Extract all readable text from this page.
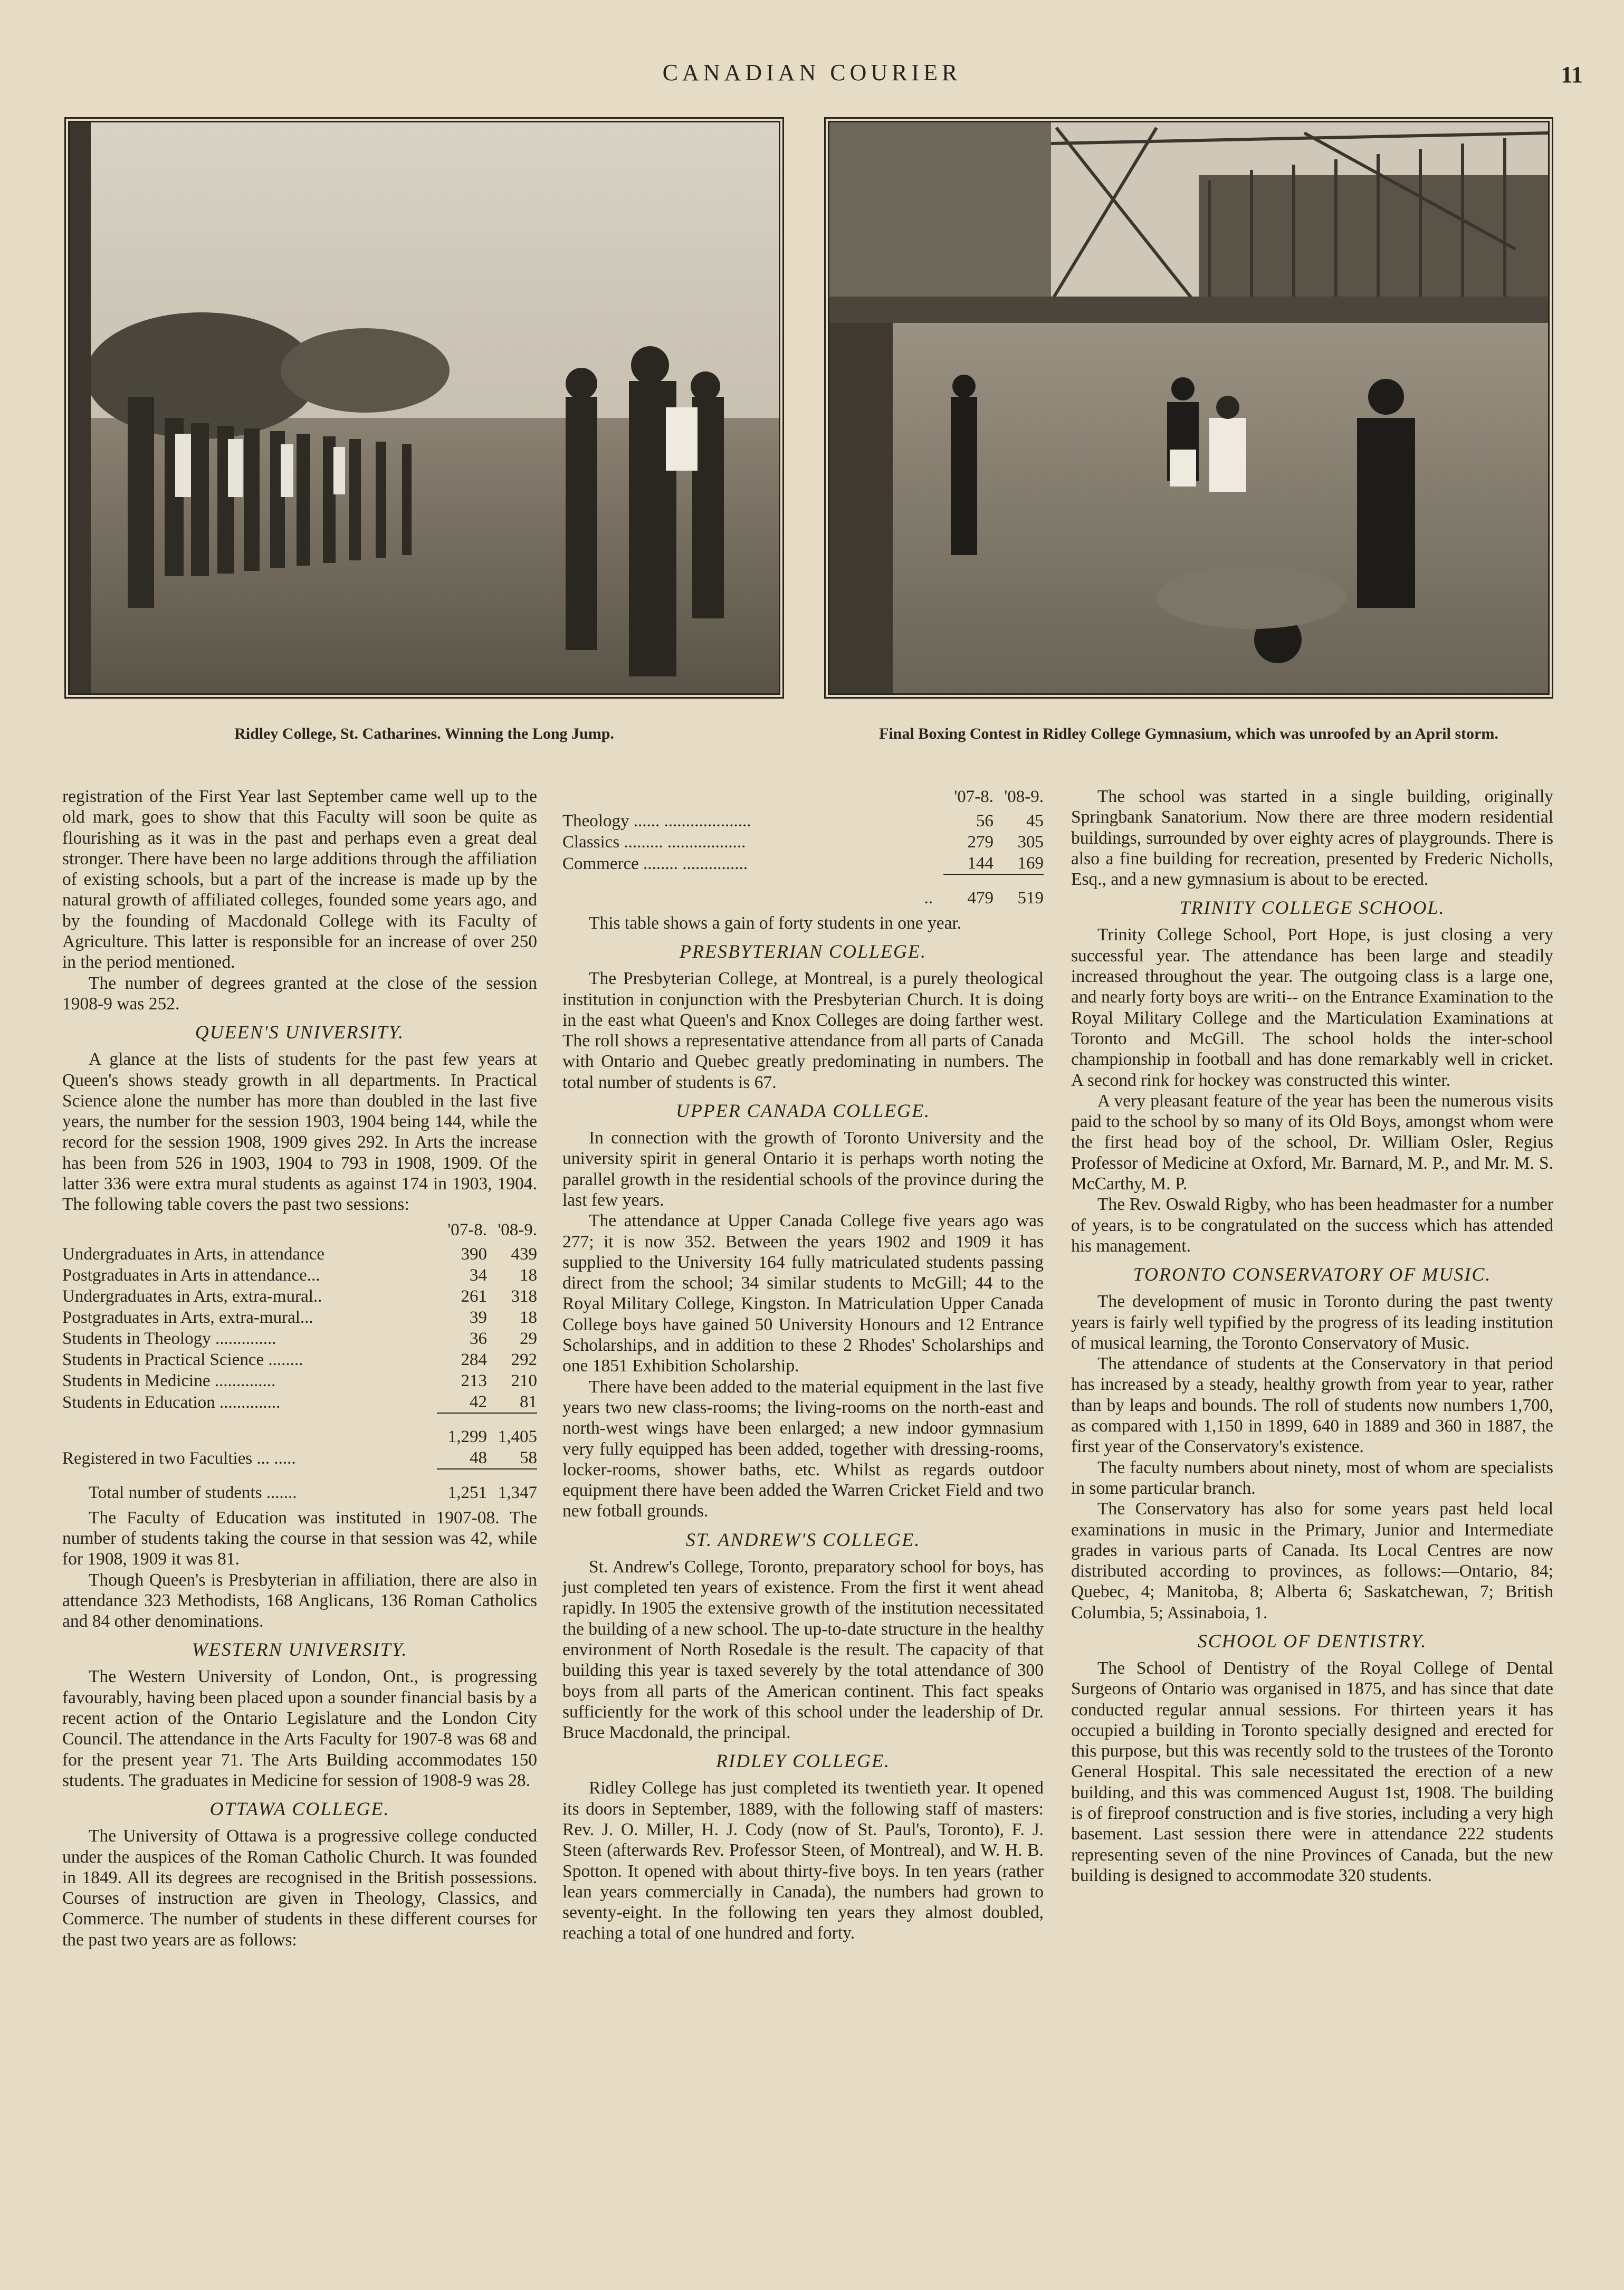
CANADIAN COURIER	11
Ridley College, St. Catharines. Winning the Long Jump.	Final Boxing Contest in Ridley College Gymnasium, which was unroofed by an April storm.

registration of the First Year last September came well up to the old mark, goes to show that this Faculty will soon be quite as flourishing as it was in the past and perhaps even a great deal stronger. There have been no large additions through the affiliation of existing schools, but a part of the increase is made up by the natural growth of affiliated colleges, founded some years ago, and by the founding of Macdonald College with its Faculty of Agriculture. This latter is responsible for an increase of over 250 in the period mentioned.

The number of degrees granted at the close of the session 1908-9 was 252.

QUEEN'S UNIVERSITY.

A glance at the lists of students for the past few years at Queen's shows steady growth in all departments. In Practical Science alone the number has more than doubled in the last five years, the number for the session 1903, 1904 being 144, while the record for the session 1908, 1909 gives 292. In Arts the increase has been from 526 in 1903, 1904 to 793 in 1908, 1909. Of the latter 336 were extra mural students as against 174 in 1903, 1904. The following table covers the past two sessions:

	'07-8.	'08-9.
Undergraduates in Arts, in attendance	390	439
Postgraduates in Arts in attendance...	34	18
Undergraduates in Arts, extra-mural..	261	318
Postgraduates in Arts, extra-mural...	39	18
Students in Theology ..............	36	29
Students in Practical Science ........	284	292
Students in Medicine ..............	213	210
Students in Education ..............	42	81

	1,299	1,405
Registered in two Faculties ... .....	48	58

Total number of students .......	1,251	1,347

The Faculty of Education was instituted in 1907-08. The number of students taking the course in that session was 42, while for 1908, 1909 it was 81.

Though Queen's is Presbyterian in affiliation, there are also in attendance 323 Methodists, 168 Anglicans, 136 Roman Catholics and 84 other denominations.

WESTERN UNIVERSITY.

The Western University of London, Ont., is progressing favourably, having been placed upon a sounder financial basis by a recent action of the Ontario Legislature and the London City Council. The attendance in the Arts Faculty for 1907-8 was 68 and for the present year 71. The Arts Building accommodates 150 students. The graduates in Medicine for session of 1908-9 was 28.

OTTAWA COLLEGE.

The University of Ottawa is a progressive college conducted under the auspices of the Roman Catholic Church. It was founded in 1849. All its degrees are recognised in the British possessions. Courses of instruction are given in Theology, Classics, and Commerce. The number of students in these different courses for the past two years are as follows:

	'07-8.	'08-9.
Theology ...... ....................	56	45
Classics ......... ..................	279	305
Commerce ........ ...............	144	169

..	479	519

This table shows a gain of forty students in one year.

PRESBYTERIAN COLLEGE.

The Presbyterian College, at Montreal, is a purely theological institution in conjunction with the Presbyterian Church. It is doing in the east what Queen's and Knox Colleges are doing farther west. The roll shows a representative attendance from all parts of Canada with Ontario and Quebec greatly predominating in numbers. The total number of students is 67.

UPPER CANADA COLLEGE.

In connection with the growth of Toronto University and the university spirit in general Ontario it is perhaps worth noting the parallel growth in the residential schools of the province during the last few years.

The attendance at Upper Canada College five years ago was 277; it is now 352. Between the years 1902 and 1909 it has supplied to the University 164 fully matriculated students passing direct from the school; 34 similar students to McGill; 44 to the Royal Military College, Kingston. In Matriculation Upper Canada College boys have gained 50 University Honours and 12 Entrance Scholarships, and in addition to these 2 Rhodes' Scholarships and one 1851 Exhibition Scholarship.

There have been added to the material equipment in the last five years two new class-rooms; the living-rooms on the north-east and north-west wings have been enlarged; a new indoor gymnasium very fully equipped has been added, together with dressing-rooms, locker-rooms, shower baths, etc. Whilst as regards outdoor equipment there have been added the Warren Cricket Field and two new fotball grounds.

ST. ANDREW'S COLLEGE.

St. Andrew's College, Toronto, preparatory school for boys, has just completed ten years of existence. From the first it went ahead rapidly. In 1905 the extensive growth of the institution necessitated the building of a new school. The up-to-date structure in the healthy environment of North Rosedale is the result. The capacity of that building this year is taxed severely by the total attendance of 300 boys from all parts of the American continent. This fact speaks sufficiently for the work of this school under the leadership of Dr. Bruce Macdonald, the principal.

RIDLEY COLLEGE.

Ridley College has just completed its twentieth year. It opened its doors in September, 1889, with the following staff of masters: Rev. J. O. Miller, H. J. Cody (now of St. Paul's, Toronto), F. J. Steen (afterwards Rev. Professor Steen, of Montreal), and W. H. B. Spotton. It opened with about thirty-five boys. In ten years (rather lean years commercially in Canada), the numbers had grown to seventy-eight. In the following ten years they almost doubled, reaching a total of one hundred and forty.

The school was started in a single building, originally Springbank Sanatorium. Now there are three modern residential buildings, surrounded by over eighty acres of playgrounds. There is also a fine building for recreation, presented by Frederic Nicholls, Esq., and a new gymnasium is about to be erected.

TRINITY COLLEGE SCHOOL.

Trinity College School, Port Hope, is just closing a very successful year. The attendance has been large and steadily increased throughout the year. The outgoing class is a large one, and nearly forty boys are writi-- on the Entrance Examination to the Royal Military College and the Marticulation Examinations at Toronto and McGill. The school holds the inter-school championship in football and has done remarkably well in cricket. A second rink for hockey was constructed this winter.

A very pleasant feature of the year has been the numerous visits paid to the school by so many of its Old Boys, amongst whom were the first head boy of the school, Dr. William Osler, Regius Professor of Medicine at Oxford, Mr. Barnard, M. P., and Mr. M. S. McCarthy, M. P.

The Rev. Oswald Rigby, who has been headmaster for a number of years, is to be congratulated on the success which has attended his management.

TORONTO CONSERVATORY OF MUSIC.

The development of music in Toronto during the past twenty years is fairly well typified by the progress of its leading institution of musical learning, the Toronto Conservatory of Music.

The attendance of students at the Conservatory in that period has increased by a steady, healthy growth from year to year, rather than by leaps and bounds. The roll of students now numbers 1,700, as compared with 1,150 in 1899, 640 in 1889 and 360 in 1887, the first year of the Conservatory's existence.

The faculty numbers about ninety, most of whom are specialists in some particular branch.

The Conservatory has also for some years past held local examinations in music in the Primary, Junior and Intermediate grades in various parts of Canada. Its Local Centres are now distributed according to provinces, as follows:—Ontario, 84; Quebec, 4; Manitoba, 8; Alberta 6; Saskatchewan, 7; British Columbia, 5; Assinaboia, 1.

SCHOOL OF DENTISTRY.

The School of Dentistry of the Royal College of Dental Surgeons of Ontario was organised in 1875, and has since that date conducted regular annual sessions. For thirteen years it has occupied a building in Toronto specially designed and erected for this purpose, but this was recently sold to the trustees of the Toronto General Hospital. This sale necessitated the erection of a new building, and this was commenced August 1st, 1908. The building is of fireproof construction and is five stories, including a very high basement. Last session there were in attendance 222 students representing seven of the nine Provinces of Canada, but the new building is designed to accommodate 320 students.
